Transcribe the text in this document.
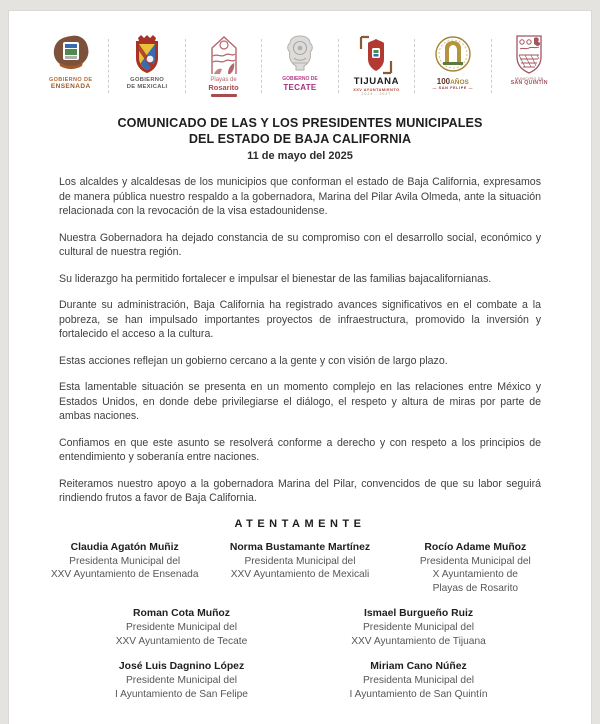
GOBIERNO DE
ENSENADA
GOBIERNO
DE MEXICALI
Playas de
Rosarito
GOBIERNO DE
TECATE
TIJUANA
XXV AYUNTAMIENTO
2024 - 2027
100AÑOS
— SAN FELIPE —
MUNICIPIO DE
SAN QUINTÍN
COMUNICADO DE LAS Y LOS PRESIDENTES MUNICIPALES
DEL ESTADO DE BAJA CALIFORNIA
11 de mayo del 2025

Los alcaldes y alcaldesas de los municipios que conforman el estado de Baja California, expresamos de manera pública nuestro respaldo a la gobernadora, Marina del Pilar Avila Olmeda, ante la situación relacionada con la revocación de la visa estadounidense.

Nuestra Gobernadora ha dejado constancia de su compromiso con el desarrollo social, económico y cultural de nuestra región.

Su liderazgo ha permitido fortalecer e impulsar el bienestar de las familias bajacalifornianas.

Durante su administración, Baja California ha registrado avances significativos en el combate a la pobreza, se han impulsado importantes proyectos de infraestructura, promovido la inversión y fortalecido el acceso a la cultura.

Estas acciones reflejan un gobierno cercano a la gente y con visión de largo plazo.

Esta lamentable situación se presenta en un momento complejo en las relaciones entre México y Estados Unidos, en donde debe privilegiarse el diálogo, el respeto y altura de miras por parte de ambas naciones.

Confiamos en que este asunto se resolverá conforme a derecho y con respeto a los principios de entendimiento y soberanía entre naciones.

Reiteramos nuestro apoyo a la gobernadora Marina del Pilar, convencidos de que su labor seguirá rindiendo frutos a favor de Baja California.

ATENTAMENTE
Claudia Agatón Muñiz
Presidenta Municipal del
XXV Ayuntamiento de Ensenada
Norma Bustamante Martínez
Presidenta Municipal del
XXV Ayuntamiento de Mexicali
Rocío Adame Muñoz
Presidenta Municipal del
X Ayuntamiento de
Playas de Rosarito
Roman Cota Muñoz
Presidente Municipal del
XXV Ayuntamiento de Tecate
Ismael Burgueño Ruiz
Presidente Municipal del
XXV Ayuntamiento de Tijuana
José Luis Dagnino López
Presidente Municipal del
I Ayuntamiento de San Felipe
Miriam Cano Núñez
Presidenta Municipal del
I Ayuntamiento de San Quintín
